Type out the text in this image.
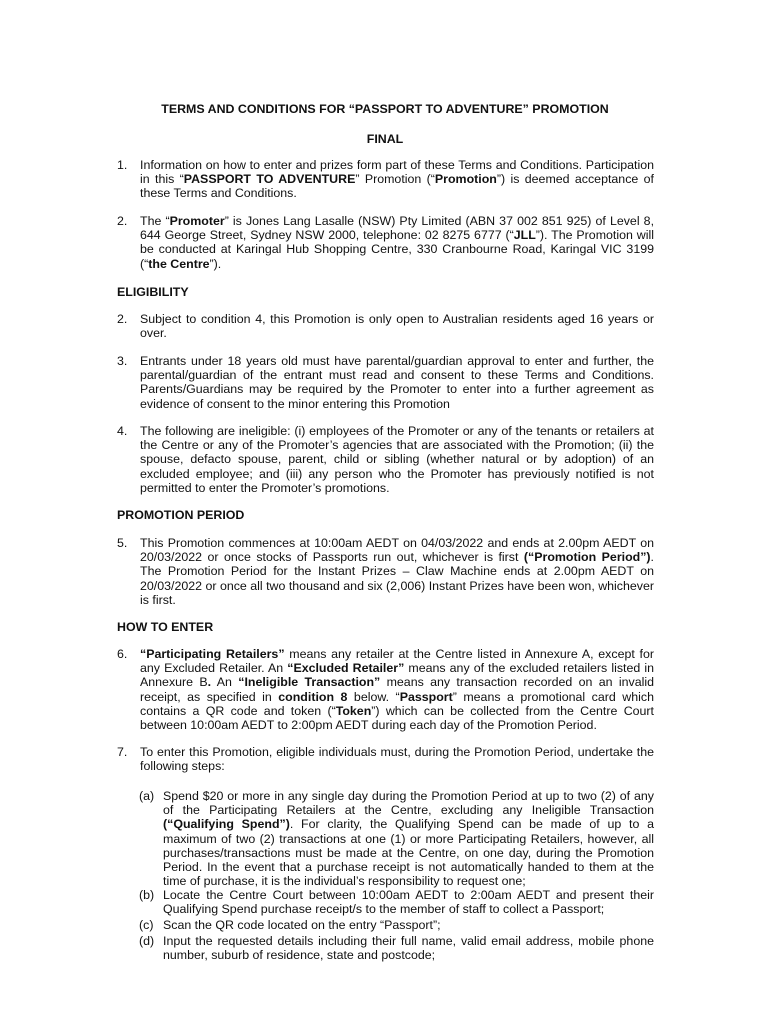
TERMS AND CONDITIONS FOR “PASSPORT TO ADVENTURE” PROMOTION
FINAL
1. Information on how to enter and prizes form part of these Terms and Conditions. Participation in this “PASSPORT TO ADVENTURE” Promotion (“Promotion”) is deemed acceptance of these Terms and Conditions.
2. The “Promoter” is Jones Lang Lasalle (NSW) Pty Limited (ABN 37 002 851 925) of Level 8, 644 George Street, Sydney NSW 2000, telephone: 02 8275 6777 (“JLL”). The Promotion will be conducted at Karingal Hub Shopping Centre, 330 Cranbourne Road, Karingal VIC 3199 (“the Centre”).
ELIGIBILITY
2. Subject to condition 4, this Promotion is only open to Australian residents aged 16 years or over.
3. Entrants under 18 years old must have parental/guardian approval to enter and further, the parental/guardian of the entrant must read and consent to these Terms and Conditions. Parents/Guardians may be required by the Promoter to enter into a further agreement as evidence of consent to the minor entering this Promotion
4. The following are ineligible: (i) employees of the Promoter or any of the tenants or retailers at the Centre or any of the Promoter’s agencies that are associated with the Promotion; (ii) the spouse, defacto spouse, parent, child or sibling (whether natural or by adoption) of an excluded employee; and (iii) any person who the Promoter has previously notified is not permitted to enter the Promoter’s promotions.
PROMOTION PERIOD
5. This Promotion commences at 10:00am AEDT on 04/03/2022 and ends at 2.00pm AEDT on 20/03/2022 or once stocks of Passports run out, whichever is first (“Promotion Period”). The Promotion Period for the Instant Prizes – Claw Machine ends at 2.00pm AEDT on 20/03/2022 or once all two thousand and six (2,006) Instant Prizes have been won, whichever is first.
HOW TO ENTER
6. “Participating Retailers” means any retailer at the Centre listed in Annexure A, except for any Excluded Retailer. An “Excluded Retailer” means any of the excluded retailers listed in Annexure B. An “Ineligible Transaction” means any transaction recorded on an invalid receipt, as specified in condition 8 below. “Passport” means a promotional card which contains a QR code and token (“Token”) which can be collected from the Centre Court between 10:00am AEDT to 2:00pm AEDT during each day of the Promotion Period.
7. To enter this Promotion, eligible individuals must, during the Promotion Period, undertake the following steps:
(a) Spend $20 or more in any single day during the Promotion Period at up to two (2) of any of the Participating Retailers at the Centre, excluding any Ineligible Transaction (“Qualifying Spend”). For clarity, the Qualifying Spend can be made of up to a maximum of two (2) transactions at one (1) or more Participating Retailers, however, all purchases/transactions must be made at the Centre, on one day, during the Promotion Period. In the event that a purchase receipt is not automatically handed to them at the time of purchase, it is the individual’s responsibility to request one;
(b) Locate the Centre Court between 10:00am AEDT to 2:00am AEDT and present their Qualifying Spend purchase receipt/s to the member of staff to collect a Passport;
(c) Scan the QR code located on the entry “Passport”;
(d) Input the requested details including their full name, valid email address, mobile phone number, suburb of residence, state and postcode;
